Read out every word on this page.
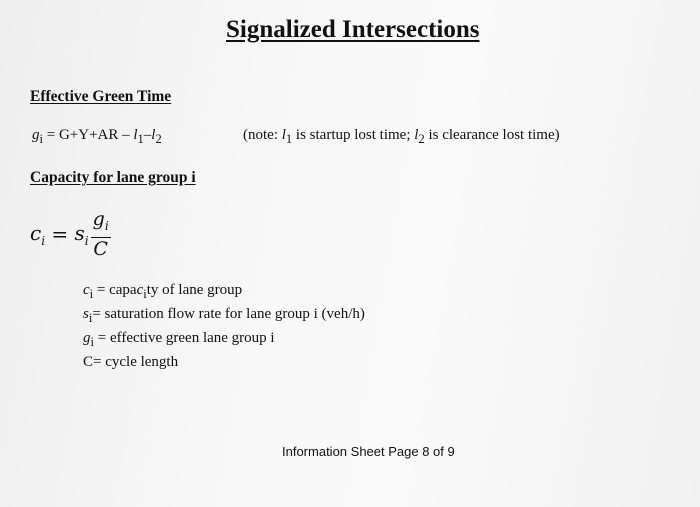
Signalized Intersections
Effective Green Time
$g_i = G+Y+AR - l_1-l_2$	(note: $l_1$ is startup lost time; $l_2$ is clearance lost time)
Capacity for lane group i
$c_i = s_i \frac{g_i}{C}$
$c_i$ = capac$_i$ty of lane group
$s_i=$ saturation flow rate for lane group i (veh/h)
$g_i$ = effective green lane group i
C= cycle length
Information Sheet Page 8 of 9
